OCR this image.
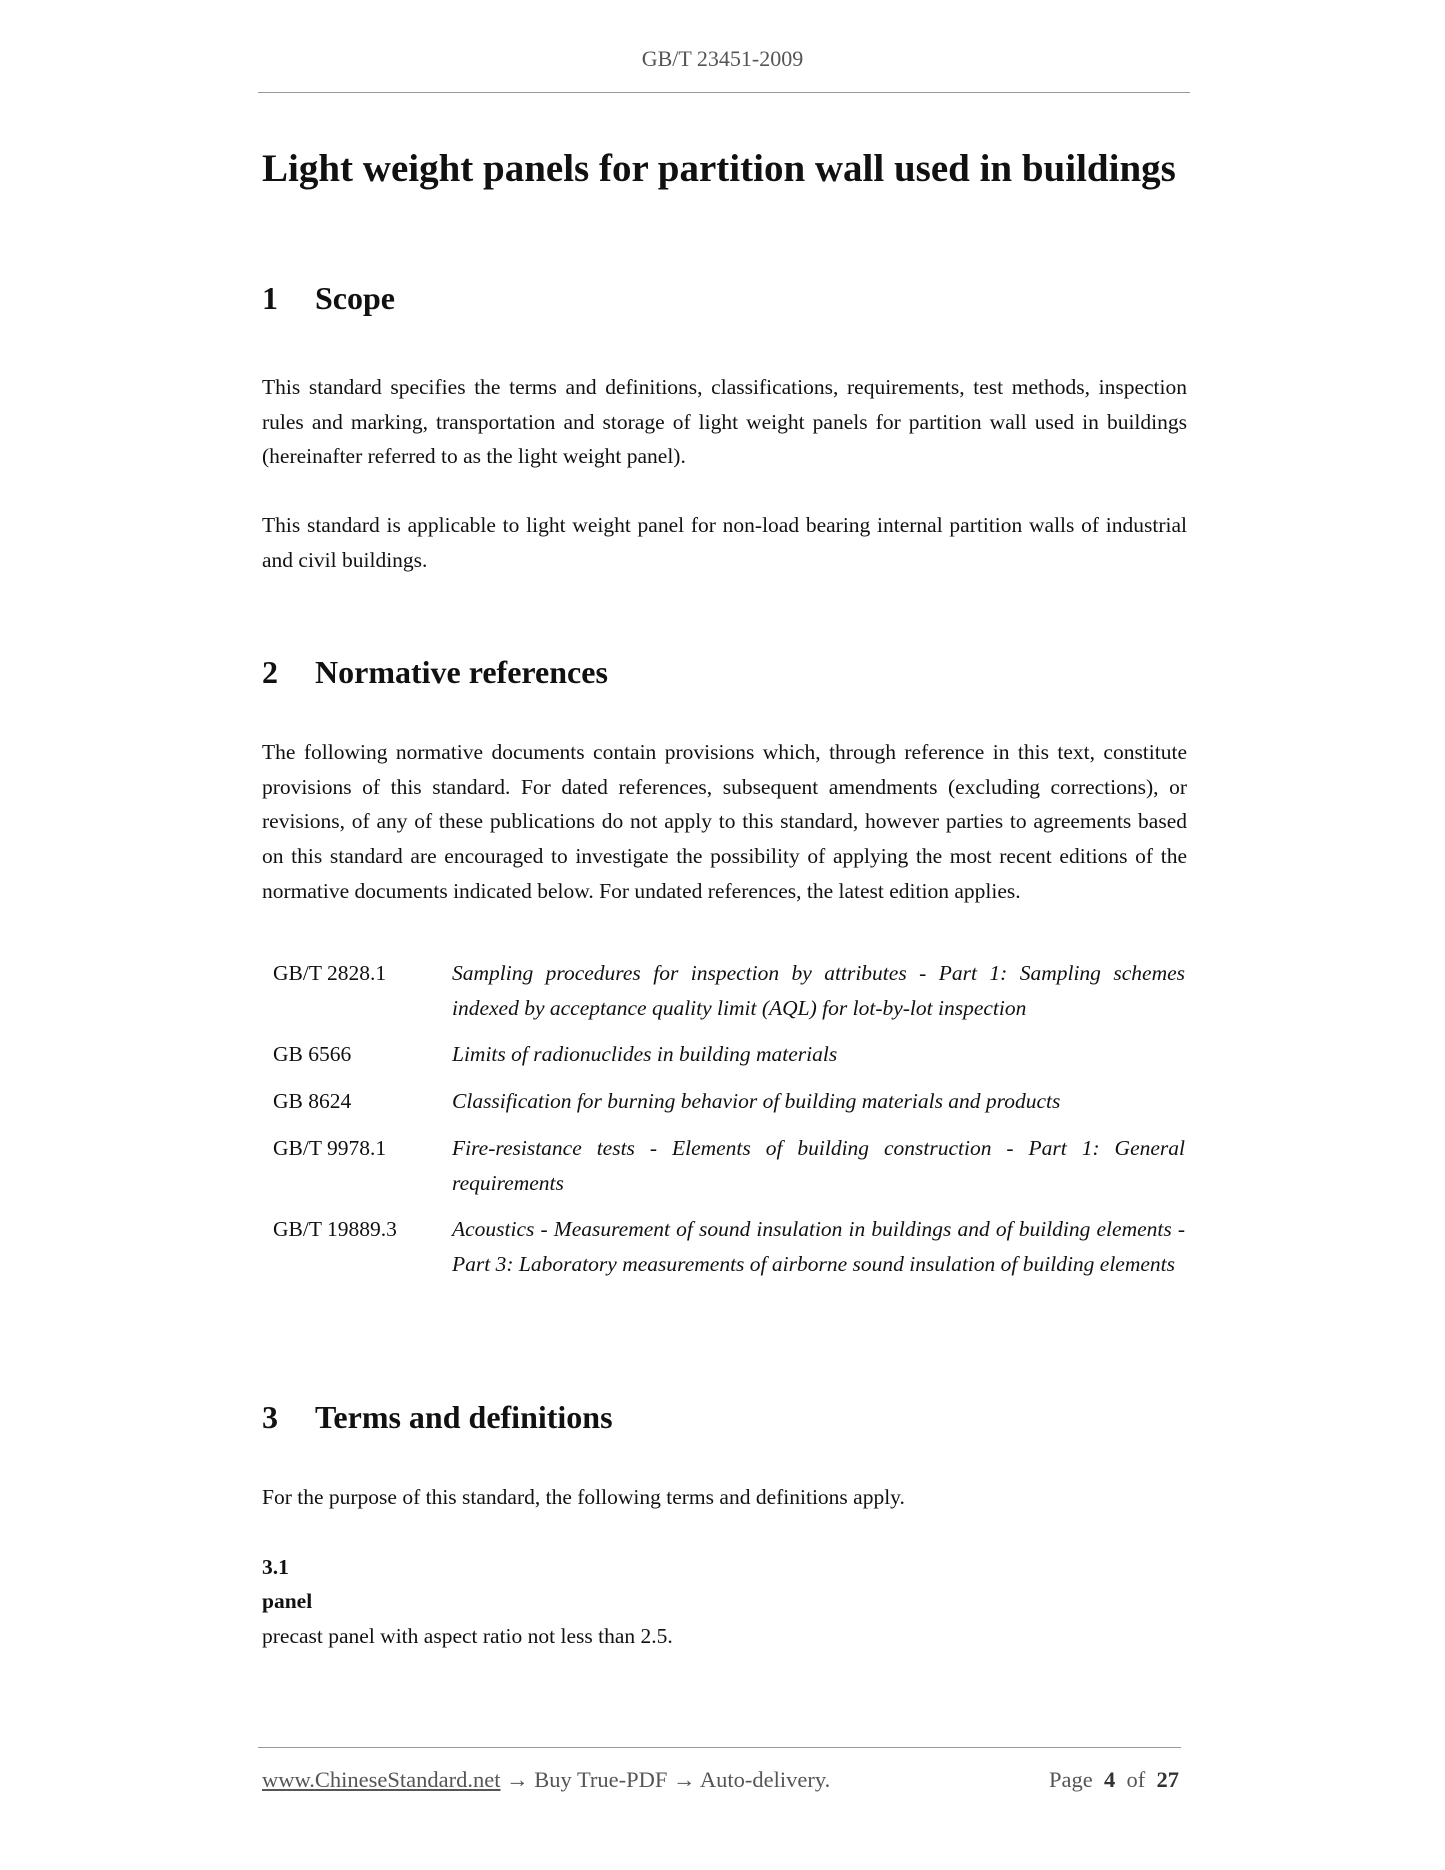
GB/T 23451-2009
Light weight panels for partition wall used in buildings
1 Scope
This standard specifies the terms and definitions, classifications, requirements, test methods, inspection rules and marking, transportation and storage of light weight panels for partition wall used in buildings (hereinafter referred to as the light weight panel).
This standard is applicable to light weight panel for non-load bearing internal partition walls of industrial and civil buildings.
2 Normative references
The following normative documents contain provisions which, through reference in this text, constitute provisions of this standard. For dated references, subsequent amendments (excluding corrections), or revisions, of any of these publications do not apply to this standard, however parties to agreements based on this standard are encouraged to investigate the possibility of applying the most recent editions of the normative documents indicated below. For undated references, the latest edition applies.
GB/T 2828.1	Sampling procedures for inspection by attributes - Part 1: Sampling schemes indexed by acceptance quality limit (AQL) for lot-by-lot inspection
GB 6566	Limits of radionuclides in building materials
GB 8624	Classification for burning behavior of building materials and products
GB/T 9978.1	Fire-resistance tests - Elements of building construction - Part 1: General requirements
GB/T 19889.3	Acoustics - Measurement of sound insulation in buildings and of building elements - Part 3: Laboratory measurements of airborne sound insulation of building elements
3 Terms and definitions
For the purpose of this standard, the following terms and definitions apply.
3.1
panel
precast panel with aspect ratio not less than 2.5.
www.ChineseStandard.net → Buy True-PDF → Auto-delivery.	Page 4 of 27
